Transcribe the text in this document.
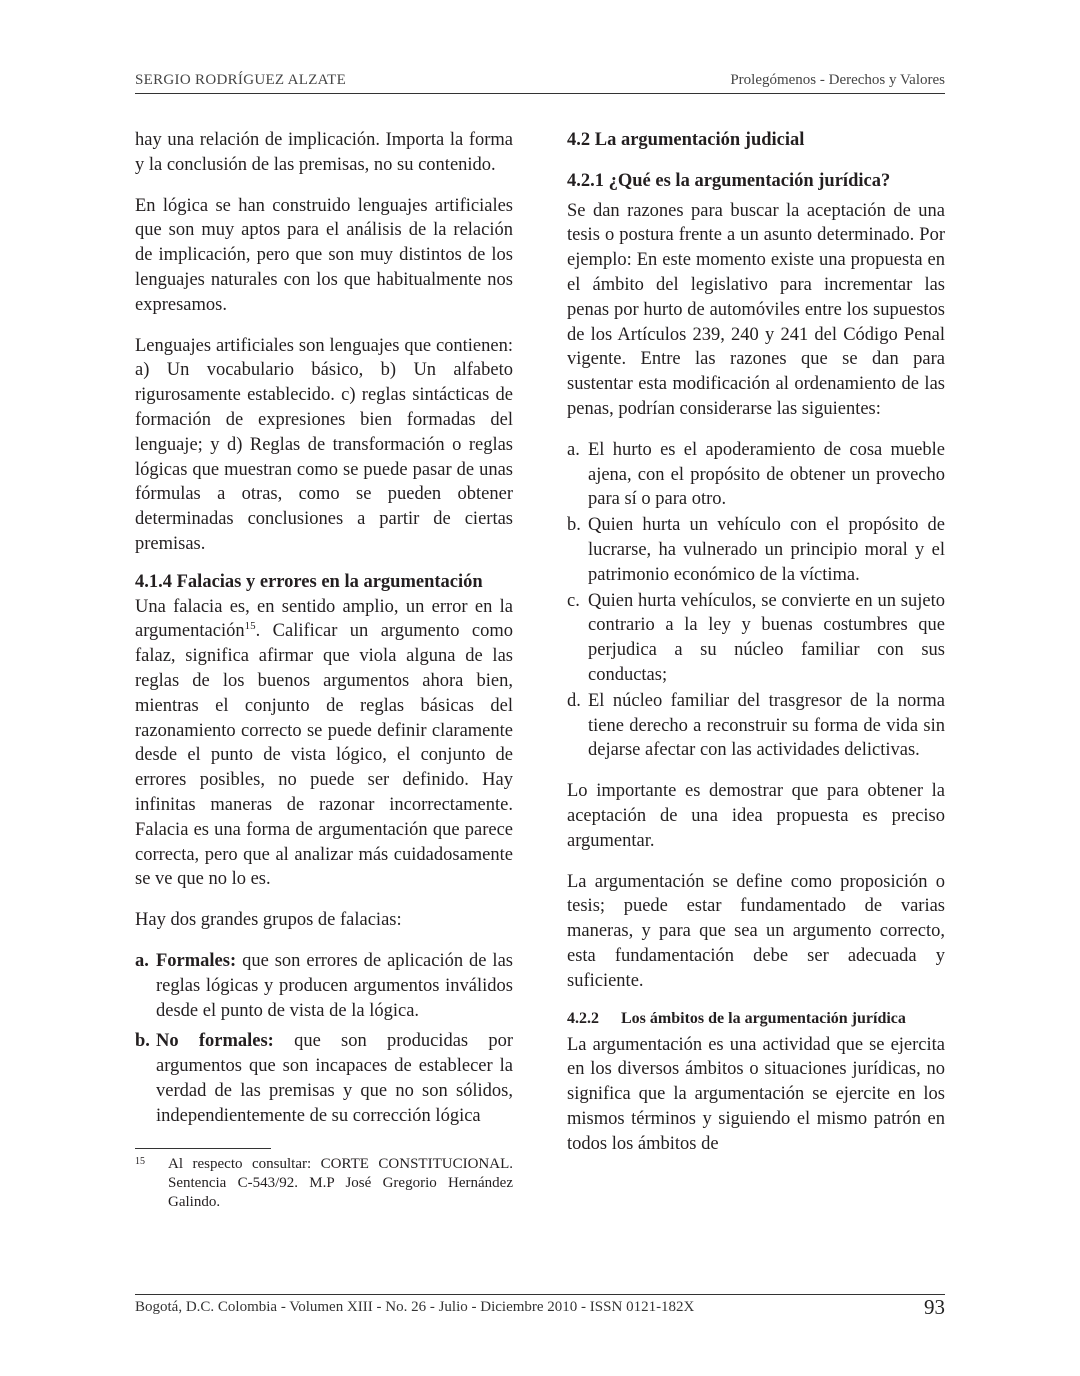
SERGIO RODRÍGUEZ ALZATE	Prolegómenos - Derechos y Valores

hay una relación de implicación. Importa la forma y la conclusión de las premisas, no su contenido.

En lógica se han construido lenguajes artificiales que son muy aptos para el análisis de la relación de implicación, pero que son muy distintos de los lenguajes naturales con los que habitualmente nos expresamos.

Lenguajes artificiales son lenguajes que contienen: a) Un vocabulario básico, b) Un alfabeto rigurosamente establecido. c) reglas sintácticas de formación de expresiones bien formadas del lenguaje; y d) Reglas de transformación o reglas lógicas que muestran como se puede pasar de unas fórmulas a otras, como se pueden obtener determinadas conclusiones a partir de ciertas premisas.

4.1.4 Falacias y errores en la argumentación

Una falacia es, en sentido amplio, un error en la argumentación$^{15}$. Calificar un argumento como falaz, significa afirmar que viola alguna de las reglas de los buenos argumentos ahora bien, mientras el conjunto de reglas básicas del razonamiento correcto se puede definir claramente desde el punto de vista lógico, el conjunto de errores posibles, no puede ser definido. Hay infinitas maneras de razonar incorrectamente. Falacia es una forma de argumentación que parece correcta, pero que al analizar más cuidadosamente se ve que no lo es.

Hay dos grandes grupos de falacias:

a. Formales: que son errores de aplicación de las reglas lógicas y producen argumentos inválidos desde el punto de vista de la lógica.
b. No formales: que son producidas por argumentos que son incapaces de establecer la verdad de las premisas y que no son sólidos, independientemente de su corrección lógica
15	Al respecto consultar: CORTE CONSTITUCIONAL. Sentencia C-543/92. M.P José Gregorio Hernández Galindo.
4.2 La argumentación judicial
4.2.1 ¿Qué es la argumentación jurídica?

Se dan razones para buscar la aceptación de una tesis o postura frente a un asunto determinado. Por ejemplo: En este momento existe una propuesta en el ámbito del legislativo para incrementar las penas por hurto de automóviles entre los supuestos de los Artículos 239, 240 y 241 del Código Penal vigente. Entre las razones que se dan para sustentar esta modificación al ordenamiento de las penas, podrían considerarse las siguientes:

a. El hurto es el apoderamiento de cosa mueble ajena, con el propósito de obtener un provecho para sí o para otro.
b. Quien hurta un vehículo con el propósito de lucrarse, ha vulnerado un principio moral y el patrimonio económico de la víctima.
c. Quien hurta vehículos, se convierte en un sujeto contrario a la ley y buenas costumbres que perjudica a su núcleo familiar con sus conductas;
d. El núcleo familiar del trasgresor de la norma tiene derecho a reconstruir su forma de vida sin dejarse afectar con las actividades delictivas.

Lo importante es demostrar que para obtener la aceptación de una idea propuesta es preciso argumentar.

La argumentación se define como proposición o tesis; puede estar fundamentado de varias maneras, y para que sea un argumento correcto, esta fundamentación debe ser adecuada y suficiente.

4.2.2	Los ámbitos de la argumentación jurídica

La argumentación es una actividad que se ejercita en los diversos ámbitos o situaciones jurídicas, no significa que la argumentación se ejercite en los mismos términos y siguiendo el mismo patrón en todos los ámbitos de

Bogotá, D.C. Colombia - Volumen XIII - No. 26 - Julio - Diciembre 2010 - ISSN 0121-182X	93
